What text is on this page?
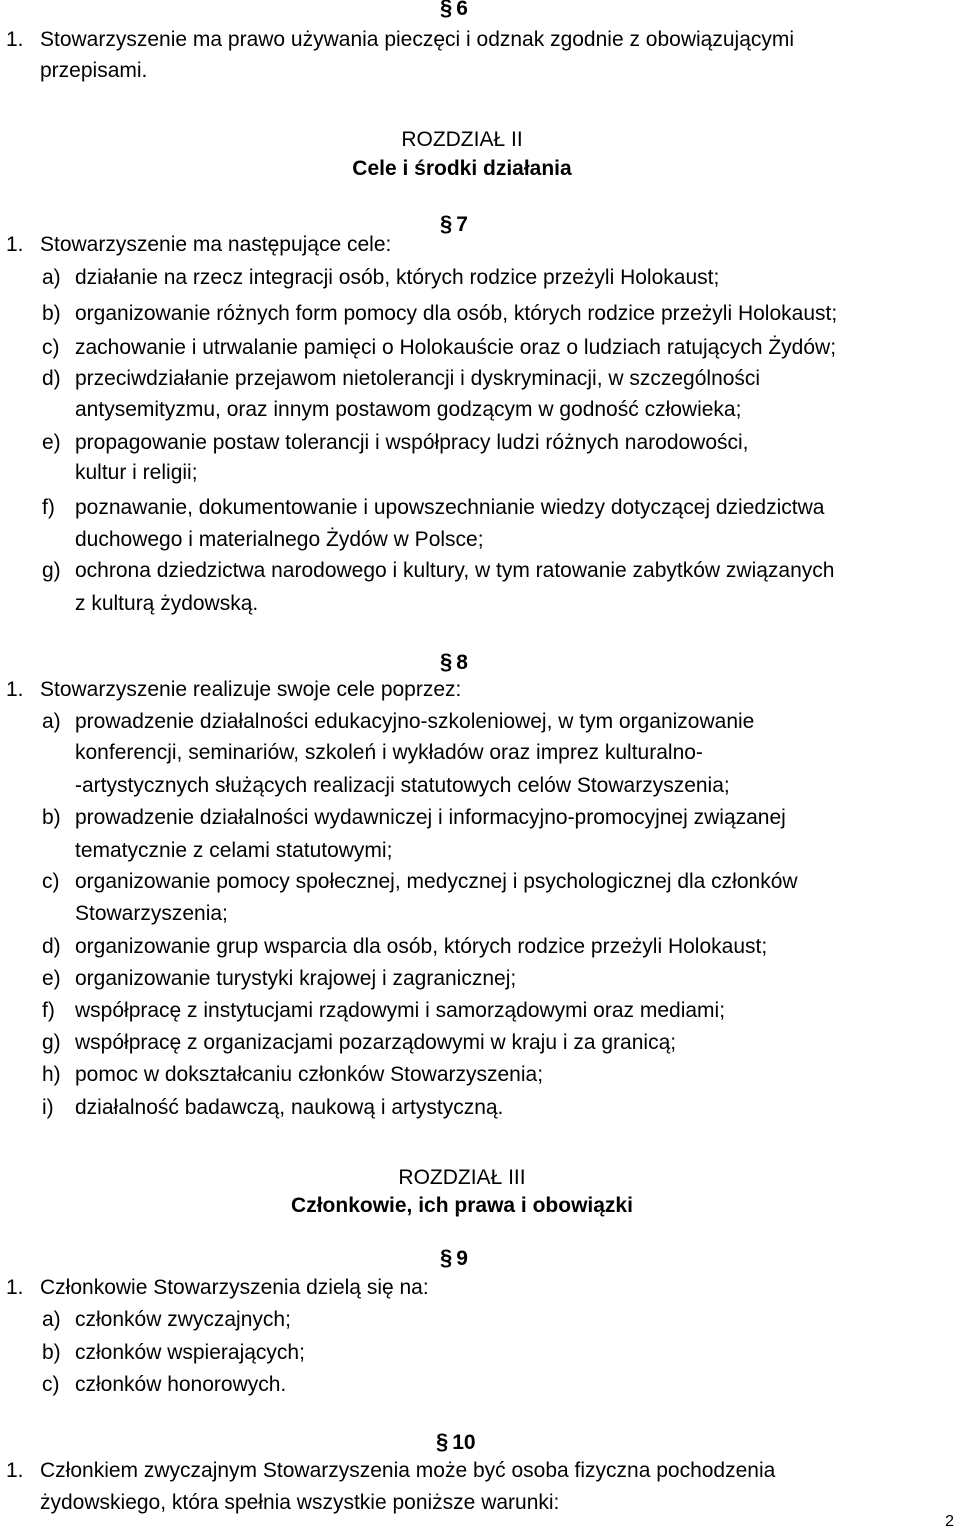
§ 6
1. Stowarzyszenie ma prawo używania pieczęci i odznak zgodnie z obowiązującymi
przepisami.
ROZDZIAŁ II
Cele i środki działania
§ 7
1. Stowarzyszenie ma następujące cele:
a) działanie na rzecz integracji osób, których rodzice przeżyli Holokaust;
b) organizowanie różnych form pomocy dla osób, których rodzice przeżyli Holokaust;
c) zachowanie i utrwalanie pamięci o Holokauście oraz o ludziach ratujących Żydów;
d) przeciwdziałanie przejawom nietolerancji i dyskryminacji, w szczególności
antysemityzmu, oraz innym postawom godzącym w godność człowieka;
e) propagowanie postaw tolerancji i współpracy ludzi różnych narodowości,
kultur i religii;
f) poznawanie, dokumentowanie i upowszechnianie wiedzy dotyczącej dziedzictwa
duchowego i materialnego Żydów w Polsce;
g) ochrona dziedzictwa narodowego i kultury, w tym ratowanie zabytków związanych
z kulturą żydowską.
§ 8
1. Stowarzyszenie realizuje swoje cele poprzez:
a) prowadzenie działalności edukacyjno-szkoleniowej, w tym organizowanie
konferencji, seminariów, szkoleń i wykładów oraz imprez kulturalno-
-artystycznych służących realizacji statutowych celów Stowarzyszenia;
b) prowadzenie działalności wydawniczej i informacyjno-promocyjnej związanej
tematycznie z celami statutowymi;
c) organizowanie pomocy społecznej, medycznej i psychologicznej dla członków
Stowarzyszenia;
d) organizowanie grup wsparcia dla osób, których rodzice przeżyli Holokaust;
e) organizowanie turystyki krajowej i zagranicznej;
f) współpracę z instytucjami rządowymi i samorządowymi oraz mediami;
g) współpracę z organizacjami pozarządowymi w kraju i za granicą;
h) pomoc w dokształcaniu członków Stowarzyszenia;
i) działalność badawczą, naukową i artystyczną.
ROZDZIAŁ III
Członkowie, ich prawa i obowiązki
§ 9
1. Członkowie Stowarzyszenia dzielą się na:
a) członków zwyczajnych;
b) członków wspierających;
c) członków honorowych.
§ 10
1. Członkiem zwyczajnym Stowarzyszenia może być osoba fizyczna pochodzenia
żydowskiego, która spełnia wszystkie poniższe warunki:
2
